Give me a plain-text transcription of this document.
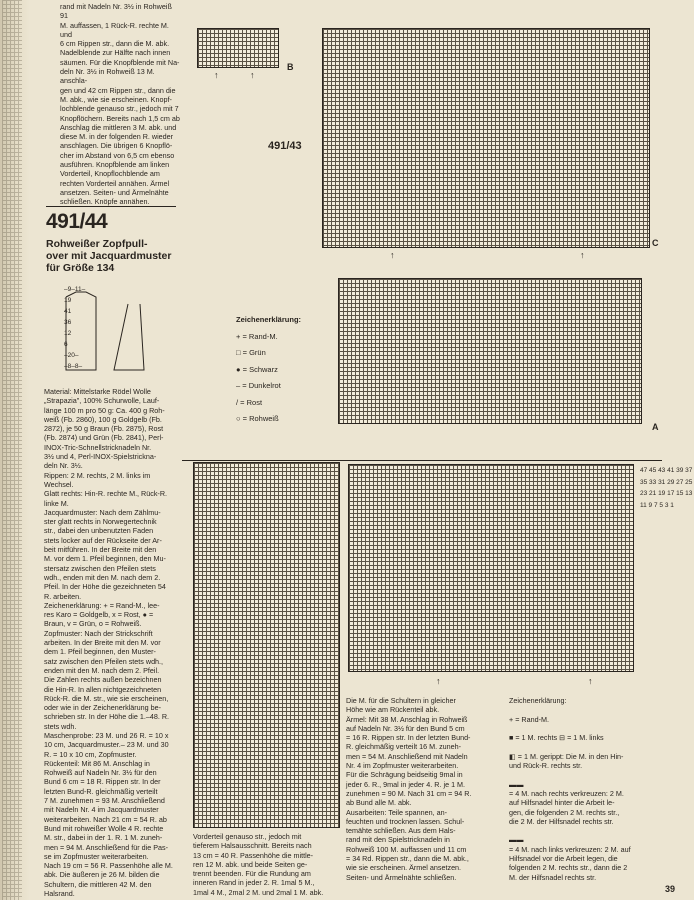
rand mit Nadeln Nr. 3½ in Rohweiß 91
M. auffassen, 1 Rück-R. rechte M. und
6 cm Rippen str., dann die M. abk.
Nadelblende zur Hälfte nach innen
säumen. Für die Knopfblende mit Na-
deln Nr. 3½ in Rohweiß 13 M. anschla-
gen und 42 cm Rippen str., dann die
M. abk., wie sie erscheinen. Knopf-
lochblende genauso str., jedoch mit 7
Knopflöchern. Bereits nach 1,5 cm ab
Anschlag die mittleren 3 M. abk. und
diese M. in der folgenden R. wieder
anschlagen. Die übrigen 6 Knopflö-
cher im Abstand von 6,5 cm ebenso
ausführen. Knopfblende am linken
Vorderteil, Knopflochblende am
rechten Vorderteil annähen. Ärmel
ansetzen. Seiten- und Ärmelnähte
schließen. Knöpfe annähen.
↑	↑
B
491/43
↑	↑
C
491/44
Rohweißer Zopfpull-
over mit Jacquardmuster
für Größe 134
–9–11–
19
41
36
12
6
–20–
–8–8–
Zeichenerklärung:
+ = Rand-M.
□ = Grün
● = Schwarz
– = Dunkelrot
/ = Rost
○ = Rohweiß
A
Material: Mittelstarke Rödel Wolle
„Strapazia", 100% Schurwolle, Lauf-
länge 100 m pro 50 g: Ca. 400 g Roh-
weiß (Fb. 2860), 100 g Goldgelb (Fb.
2872), je 50 g Braun (Fb. 2875), Rost
(Fb. 2874) und Grün (Fb. 2841), Perl-
INOX-Tric-Schnellstricknadeln Nr.
3½ und 4, Perl-INOX-Spielstrickna-
deln Nr. 3½.
Rippen: 2 M. rechts, 2 M. links im
Wechsel.
Glatt rechts: Hin-R. rechte M., Rück-R.
linke M.
Jacquardmuster: Nach dem Zählmu-
ster glatt rechts in Norwegertechnik
str., dabei den unbenutzten Faden
stets locker auf der Rückseite der Ar-
beit mitführen. In der Breite mit den
M. vor dem 1. Pfeil beginnen, den Mu-
stersatz zwischen den Pfeilen stets
wdh., enden mit den M. nach dem 2.
Pfeil. In der Höhe die gezeichneten 54
R. arbeiten.
Zeichenerklärung: + = Rand-M., lee-
res Karo = Goldgelb, x = Rost, ● =
Braun, v = Grün, o = Rohweiß.
Zopfmuster: Nach der Strickschrift
arbeiten. In der Breite mit den M. vor
dem 1. Pfeil beginnen, den Muster-
satz zwischen den Pfeilen stets wdh.,
enden mit den M. nach dem 2. Pfeil.
Die Zahlen rechts außen bezeichnen
die Hin-R. In allen nichtgezeichneten
Rück-R. die M. str., wie sie erscheinen,
oder wie in der Zeichenerklärung be-
schrieben str. In der Höhe die 1.–48. R.
stets wdh.
Maschenprobe: 23 M. und 26 R. = 10 x
10 cm, Jacquardmuster.– 23 M. und 30
R. = 10 x 10 cm, Zopfmuster.
Rückenteil: Mit 86 M. Anschlag in
Rohweiß auf Nadeln Nr. 3½ für den
Bund 6 cm = 18 R. Rippen str. In der
letzten Bund-R. gleichmäßig verteilt
7 M. zunehmen = 93 M. Anschließend
mit Nadeln Nr. 4 im Jacquardmuster
weiterarbeiten. Nach 21 cm = 54 R. ab
Bund mit rohweißer Wolle 4 R. rechte
M. str., dabei in der 1. R. 1 M. zuneh-
men = 94 M. Anschließend für die Pas-
se im Zopfmuster weiterarbeiten.
Nach 19 cm = 56 R. Passenhöhe alle M.
abk. Die äußeren je 26 M. bilden die
Schultern, die mittleren 42 M. den
Halsrand.
47 45 43 41 39 37 35 33 31 29 27 25 23 21 19 17 15 13 11 9 7 5 3 1
↑	↑
Vorderteil genauso str., jedoch mit
tieferem Halsausschnitt. Bereits nach
13 cm = 40 R. Passenhöhe die mittle-
ren 12 M. abk. und beide Seiten ge-
trennt beenden. Für die Rundung am
inneren Rand in jeder 2. R. 1mal 5 M.,
1mal 4 M., 2mal 2 M. und 2mal 1 M. abk.
Die M. für die Schultern in gleicher
Höhe wie am Rückenteil abk.
Ärmel: Mit 38 M. Anschlag in Rohweiß
auf Nadeln Nr. 3½ für den Bund 5 cm
= 16 R. Rippen str. In der letzten Bund-
R. gleichmäßig verteilt 16 M. zuneh-
men = 54 M. Anschließend mit Nadeln
Nr. 4 im Zopfmuster weiterarbeiten.
Für die Schrägung beidseitig 9mal in
jeder 6. R., 9mal in jeder 4. R. je 1 M.
zunehmen = 90 M. Nach 31 cm = 94 R.
ab Bund alle M. abk.
Ausarbeiten: Teile spannen, an-
feuchten und trocknen lassen. Schul-
temähte schließen. Aus dem Hals-
rand mit den Spielstricknadeln in
Rohweiß 100 M. auffassen und 11 cm
= 34 Rd. Rippen str., dann die M. abk.,
wie sie erscheinen. Ärmel ansetzen.
Seiten- und Ärmelnähte schließen.
Zeichenerklärung:

+ = Rand-M.

■ = 1 M. rechts ⊟ = 1 M. links

◧ = 1 M. gerippt: Die M. in den Hin-
und Rück-R. rechts str.

▬▬
= 4 M. nach rechts verkreuzen: 2 M.
auf Hilfsnadel hinter die Arbeit le-
gen, die folgenden 2 M. rechts str.,
die 2 M. der Hilfsnadel rechts str.

▬▬
= 4 M. nach links verkreuzen: 2 M. auf
Hilfsnadel vor die Arbeit legen, die
folgenden 2 M. rechts str., dann die 2
M. der Hilfsnadel rechts str.
39
